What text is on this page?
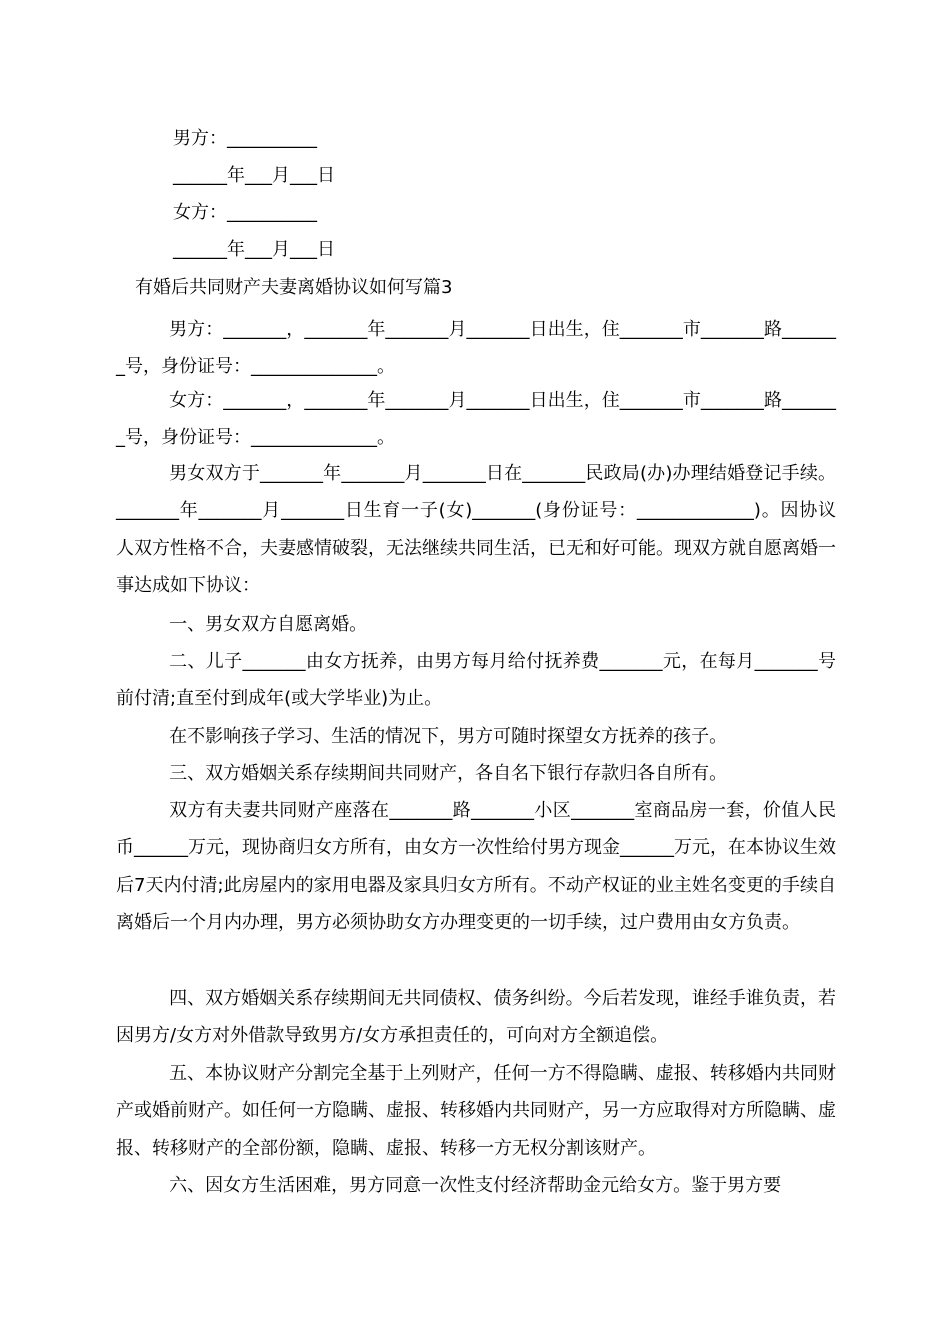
男方：__________
______年___月___日
女方：__________
______年___月___日
有婚后共同财产夫妻离婚协议如何写篇3
男方：_______，_______年_______月_______日出生，住_______市_______路_______号，身份证号：______________。
女方：_______，_______年_______月_______日出生，住_______市_______路_______号，身份证号：______________。
男女双方于_______年_______月_______日在_______民政局(办)办理结婚登记手续。_______年_______月_______日生育一子(女)_______(身份证号：_____________)。因协议人双方性格不合，夫妻感情破裂，无法继续共同生活，已无和好可能。现双方就自愿离婚一事达成如下协议：
一、男女双方自愿离婚。
二、儿子_______由女方抚养，由男方每月给付抚养费_______元，在每月_______号前付清;直至付到成年(或大学毕业)为止。
在不影响孩子学习、生活的情况下，男方可随时探望女方抚养的孩子。
三、双方婚姻关系存续期间共同财产，各自名下银行存款归各自所有。
双方有夫妻共同财产座落在_______路_______小区_______室商品房一套，价值人民币______万元，现协商归女方所有，由女方一次性给付男方现金______万元，在本协议生效后7天内付清;此房屋内的家用电器及家具归女方所有。不动产权证的业主姓名变更的手续自离婚后一个月内办理，男方必须协助女方办理变更的一切手续，过户费用由女方负责。
四、双方婚姻关系存续期间无共同债权、债务纠纷。今后若发现，谁经手谁负责，若因男方/女方对外借款导致男方/女方承担责任的，可向对方全额追偿。
五、本协议财产分割完全基于上列财产，任何一方不得隐瞒、虚报、转移婚内共同财产或婚前财产。如任何一方隐瞒、虚报、转移婚内共同财产，另一方应取得对方所隐瞒、虚报、转移财产的全部份额，隐瞒、虚报、转移一方无权分割该财产。
六、因女方生活困难，男方同意一次性支付经济帮助金元给女方。鉴于男方要
